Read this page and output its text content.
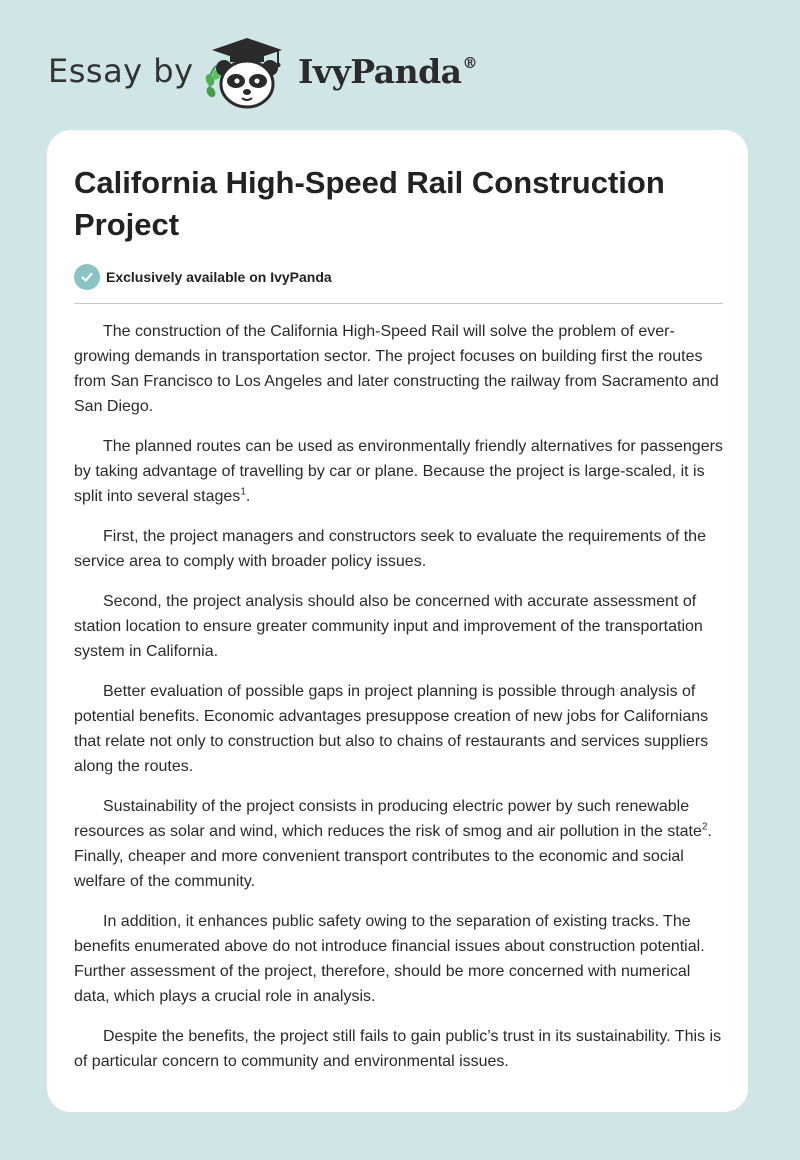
Essay by	IvyPanda®
California High-Speed Rail Construction Project
Exclusively available on IvyPanda

The construction of the California High-Speed Rail will solve the problem of ever-growing demands in transportation sector. The project focuses on building first the routes from San Francisco to Los Angeles and later constructing the railway from Sacramento and San Diego.

The planned routes can be used as environmentally friendly alternatives for passengers by taking advantage of travelling by car or plane. Because the project is large-scaled, it is split into several stages$^1$.

First, the project managers and constructors seek to evaluate the requirements of the service area to comply with broader policy issues.

Second, the project analysis should also be concerned with accurate assessment of station location to ensure greater community input and improvement of the transportation system in California.

Better evaluation of possible gaps in project planning is possible through analysis of potential benefits. Economic advantages presuppose creation of new jobs for Californians that relate not only to construction but also to chains of restaurants and services suppliers along the routes.

Sustainability of the project consists in producing electric power by such renewable resources as solar and wind, which reduces the risk of smog and air pollution in the state$^2$. Finally, cheaper and more convenient transport contributes to the economic and social welfare of the community.

In addition, it enhances public safety owing to the separation of existing tracks. The benefits enumerated above do not introduce financial issues about construction potential. Further assessment of the project, therefore, should be more concerned with numerical data, which plays a crucial role in analysis.

Despite the benefits, the project still fails to gain public’s trust in its sustainability. This is of particular concern to community and environmental issues.
